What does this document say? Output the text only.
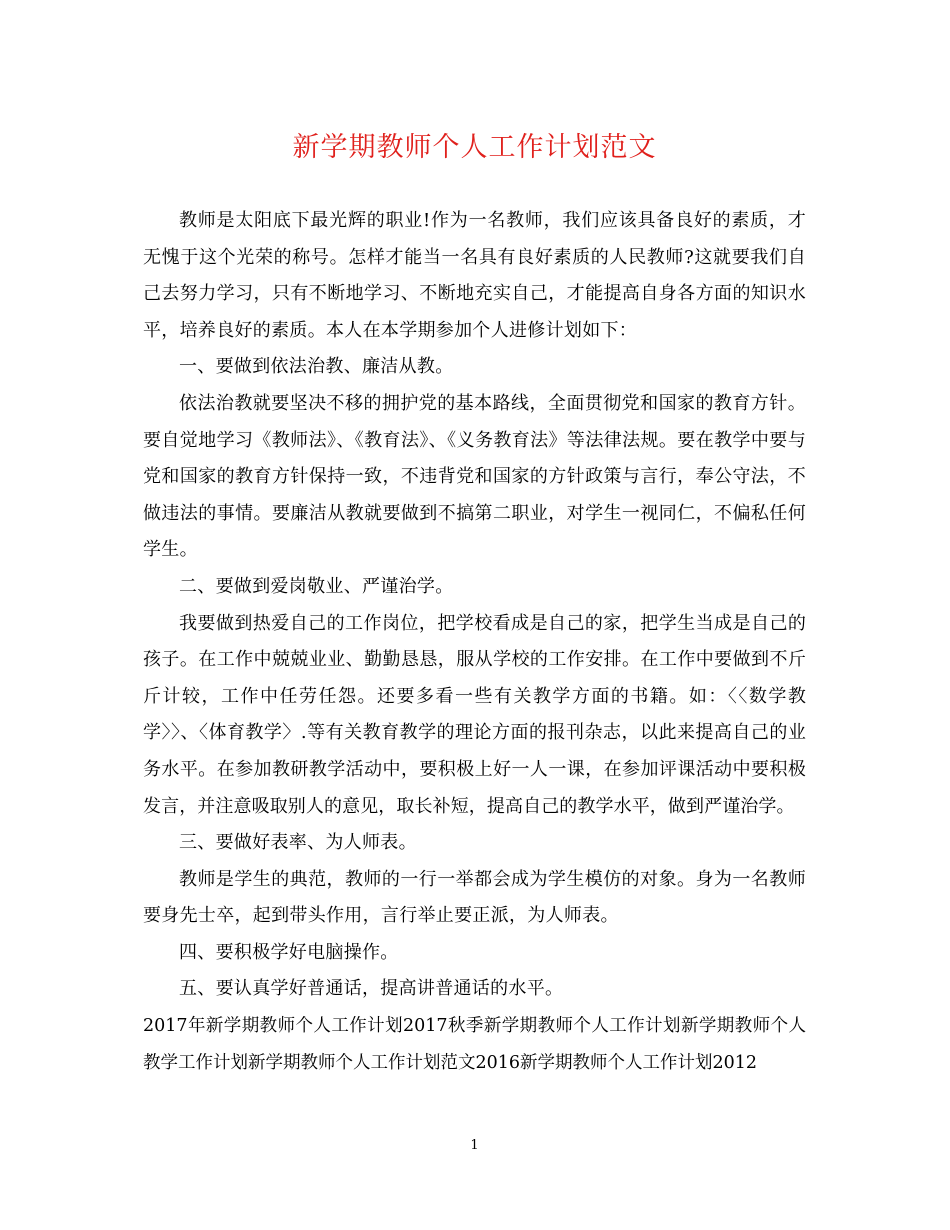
新学期教师个人工作计划范文

教师是太阳底下最光辉的职业!作为一名教师，我们应该具备良好的素质，才无愧于这个光荣的称号。怎样才能当一名具有良好素质的人民教师?这就要我们自己去努力学习，只有不断地学习、不断地充实自己，才能提高自身各方面的知识水平，培养良好的素质。本人在本学期参加个人进修计划如下：

一、要做到依法治教、廉洁从教。

依法治教就要坚决不移的拥护党的基本路线，全面贯彻党和国家的教育方针。要自觉地学习《教师法》、《教育法》、《义务教育法》等法律法规。要在教学中要与党和国家的教育方针保持一致，不违背党和国家的方针政策与言行，奉公守法，不做违法的事情。要廉洁从教就要做到不搞第二职业，对学生一视同仁，不偏私任何学生。

二、要做到爱岗敬业、严谨治学。

我要做到热爱自己的工作岗位，把学校看成是自己的家，把学生当成是自己的孩子。在工作中兢兢业业、勤勤恳恳，服从学校的工作安排。在工作中要做到不斤斤计较，工作中任劳任怨。还要多看一些有关教学方面的书籍。如：〈〈数学教学〉〉、〈体育教学〉.等有关教育教学的理论方面的报刊杂志，以此来提高自己的业务水平。在参加教研教学活动中，要积极上好一人一课，在参加评课活动中要积极发言，并注意吸取别人的意见，取长补短，提高自己的教学水平，做到严谨治学。

三、要做好表率、为人师表。

教师是学生的典范，教师的一行一举都会成为学生模仿的对象。身为一名教师要身先士卒，起到带头作用，言行举止要正派，为人师表。

四、要积极学好电脑操作。

五、要认真学好普通话，提高讲普通话的水平。

2017年新学期教师个人工作计划2017秋季新学期教师个人工作计划新学期教师个人教学工作计划新学期教师个人工作计划范文2016新学期教师个人工作计划2012

1
